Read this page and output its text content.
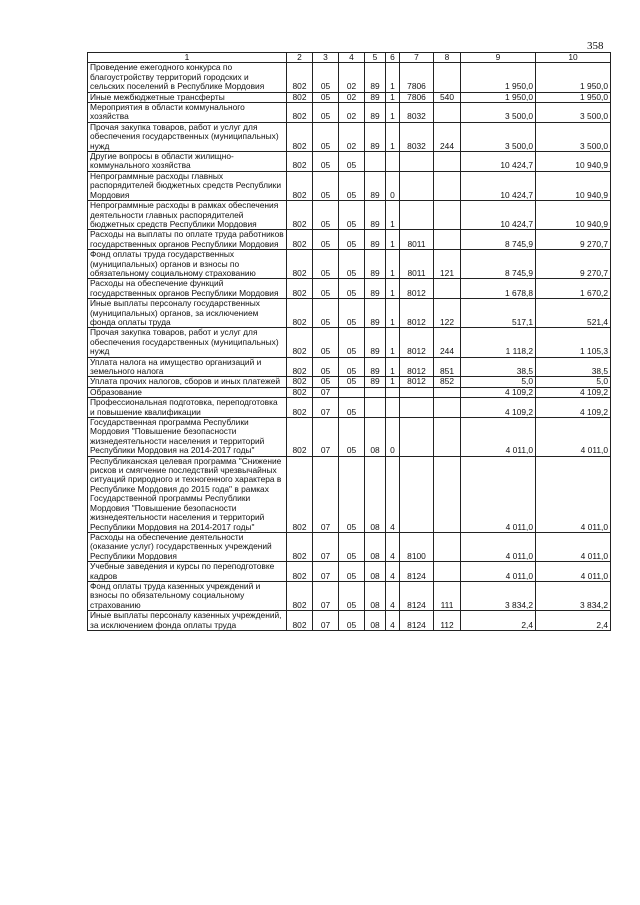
358
1	2	3	4	5	6	7	8	9	10
Проведение ежегодного конкурса по благоустройству территорий городских и сельских поселений в Республике Мордовия	802	05	02	89	1	7806		1 950,0	1 950,0
Иные межбюджетные трансферты	802	05	02	89	1	7806	540	1 950,0	1 950,0
Мероприятия в области коммунального хозяйства	802	05	02	89	1	8032		3 500,0	3 500,0
Прочая закупка товаров, работ и услуг для обеспечения государственных (муниципальных) нужд	802	05	02	89	1	8032	244	3 500,0	3 500,0
Другие вопросы в области жилищно-коммунального хозяйства	802	05	05					10 424,7	10 940,9
Непрограммные расходы главных распорядителей бюджетных средств Республики Мордовия	802	05	05	89	0			10 424,7	10 940,9
Непрограммные расходы в рамках обеспечения деятельности главных распорядителей бюджетных средств Республики Мордовия	802	05	05	89	1			10 424,7	10 940,9
Расходы на выплаты по оплате труда работников государственных органов Республики Мордовия	802	05	05	89	1	8011		8 745,9	9 270,7
Фонд оплаты труда государственных (муниципальных) органов и взносы по обязательному социальному страхованию	802	05	05	89	1	8011	121	8 745,9	9 270,7
Расходы на обеспечение функций государственных органов Республики Мордовия	802	05	05	89	1	8012		1 678,8	1 670,2
Иные выплаты персоналу государственных (муниципальных) органов, за исключением фонда оплаты труда	802	05	05	89	1	8012	122	517,1	521,4
Прочая закупка товаров, работ и услуг для обеспечения государственных (муниципальных) нужд	802	05	05	89	1	8012	244	1 118,2	1 105,3
Уплата налога на имущество организаций и земельного налога	802	05	05	89	1	8012	851	38,5	38,5
Уплата прочих налогов, сборов и иных платежей	802	05	05	89	1	8012	852	5,0	5,0
Образование	802	07						4 109,2	4 109,2
Профессиональная подготовка, переподготовка и повышение квалификации	802	07	05					4 109,2	4 109,2
Государственная программа Республики Мордовия "Повышение безопасности жизнедеятельности населения и территорий Республики Мордовия на 2014-2017 годы"	802	07	05	08	0			4 011,0	4 011,0
Республиканская целевая программа "Снижение рисков и смягчение последствий чрезвычайных ситуаций природного и техногенного характера в Республике Мордовия до 2015 года" в рамках Государственной программы Республики Мордовия "Повышение безопасности жизнедеятельности населения и территорий Республики Мордовия на 2014-2017 годы"	802	07	05	08	4			4 011,0	4 011,0
Расходы на обеспечение деятельности (оказание услуг) государственных учреждений Республики Мордовия	802	07	05	08	4	8100		4 011,0	4 011,0
Учебные заведения и курсы по переподготовке кадров	802	07	05	08	4	8124		4 011,0	4 011,0
Фонд оплаты труда казенных учреждений и взносы по обязательному социальному страхованию	802	07	05	08	4	8124	111	3 834,2	3 834,2
Иные выплаты персоналу казенных учреждений, за исключением фонда оплаты труда	802	07	05	08	4	8124	112	2,4	2,4
